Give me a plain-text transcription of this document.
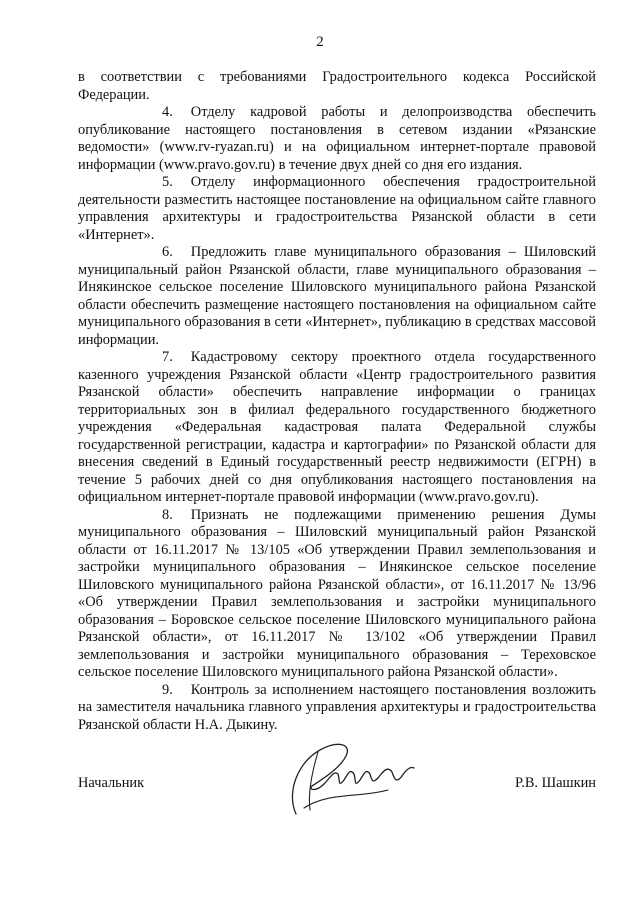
2

в соответствии с требованиями Градостроительного кодекса Российской Федерации.

4. Отделу кадровой работы и делопроизводства обеспечить опубликование настоящего постановления в сетевом издании «Рязанские ведомости» (www.rv-ryazan.ru) и на официальном интернет-портале правовой информации (www.pravo.gov.ru) в течение двух дней со дня его издания.

5. Отделу информационного обеспечения градостроительной деятельности разместить настоящее постановление на официальном сайте главного управления архитектуры и градостроительства Рязанской области в сети «Интернет».

6. Предложить главе муниципального образования – Шиловский муниципальный район Рязанской области, главе муниципального образования – Инякинское сельское поселение Шиловского муниципального района Рязанской области обеспечить размещение настоящего постановления на официальном сайте муниципального образования в сети «Интернет», публикацию в средствах массовой информации.

7. Кадастровому сектору проектного отдела государственного казенного учреждения Рязанской области «Центр градостроительного развития Рязанской области» обеспечить направление информации о границах территориальных зон в филиал федерального государственного бюджетного учреждения «Федеральная кадастровая палата Федеральной службы государственной регистрации, кадастра и картографии» по Рязанской области для внесения сведений в Единый государственный реестр недвижимости (ЕГРН) в течение 5 рабочих дней со дня опубликования настоящего постановления на официальном интернет-портале правовой информации (www.pravo.gov.ru).

8. Признать не подлежащими применению решения Думы муниципального образования – Шиловский муниципальный район Рязанской области от 16.11.2017 № 13/105 «Об утверждении Правил землепользования и застройки муниципального образования – Инякинское сельское поселение Шиловского муниципального района Рязанской области», от 16.11.2017 № 13/96 «Об утверждении Правил землепользования и застройки муниципального образования – Боровское сельское поселение Шиловского муниципального района Рязанской области», от 16.11.2017 № 13/102 «Об утверждении Правил землепользования и застройки муниципального образования – Тереховское сельское поселение Шиловского муниципального района Рязанской области».

9. Контроль за исполнением настоящего постановления возложить на заместителя начальника главного управления архитектуры и градостроительства Рязанской области Н.А. Дыкину.

Начальник	Р.В. Шашкин
